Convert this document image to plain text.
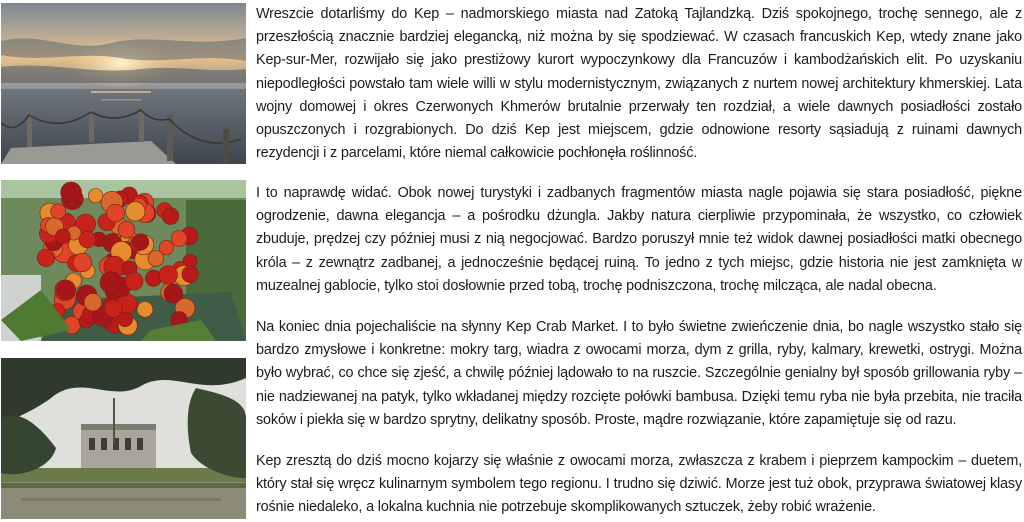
Wreszcie dotarliśmy do Kep – nadmorskiego miasta nad Zatoką Tajlandzką. Dziś spokojnego, trochę sennego, ale z przeszłością znacznie bardziej elegancką, niż można by się spodziewać. W czasach francuskich Kep, wtedy znane jako Kep-sur-Mer, rozwijało się jako prestiżowy kurort wypoczynkowy dla Francuzów i kambodżańskich elit. Po uzyskaniu niepodległości powstało tam wiele willi w stylu modernistycznym, związanych z nurtem nowej architektury khmerskiej. Lata wojny domowej i okres Czerwonych Khmerów brutalnie przerwały ten rozdział, a wiele dawnych posiadłości zostało opuszczonych i rozgrabionych. Do dziś Kep jest miejscem, gdzie odnowione resorty sąsiadują z ruinami dawnych rezydencji i z parcelami, które niemal całkowicie pochłonęła roślinność.

I to naprawdę widać. Obok nowej turystyki i zadbanych fragmentów miasta nagle pojawia się stara posiadłość, piękne ogrodzenie, dawna elegancja – a pośrodku dżungla. Jakby natura cierpliwie przypominała, że wszystko, co człowiek zbuduje, prędzej czy później musi z nią negocjować. Bardzo poruszył mnie też widok dawnej posiadłości matki obecnego króla – z zewnątrz zadbanej, a jednocześnie będącej ruiną. To jedno z tych miejsc, gdzie historia nie jest zamknięta w muzealnej gablocie, tylko stoi dosłownie przed tobą, trochę podniszczona, trochę milcząca, ale nadal obecna.

Na koniec dnia pojechaliście na słynny Kep Crab Market. I to było świetne zwieńczenie dnia, bo nagle wszystko stało się bardzo zmysłowe i konkretne: mokry targ, wiadra z owocami morza, dym z grilla, ryby, kalmary, krewetki, ostrygi. Można było wybrać, co chce się zjeść, a chwilę później lądowało to na ruszcie. Szczególnie genialny był sposób grillowania ryby – nie nadziewanej na patyk, tylko wkładanej między rozcięte połówki bambusa. Dzięki temu ryba nie była przebita, nie traciła soków i piekła się w bardzo sprytny, delikatny sposób. Proste, mądre rozwiązanie, które zapamiętuje się od razu.

Kep zresztą do dziś mocno kojarzy się właśnie z owocami morza, zwłaszcza z krabem i pieprzem kampockim – duetem, który stał się wręcz kulinarnym symbolem tego regionu. I trudno się dziwić. Morze jest tuż obok, przyprawa światowej klasy rośnie niedaleko, a lokalna kuchnia nie potrzebuje skomplikowanych sztuczek, żeby robić wrażenie.
